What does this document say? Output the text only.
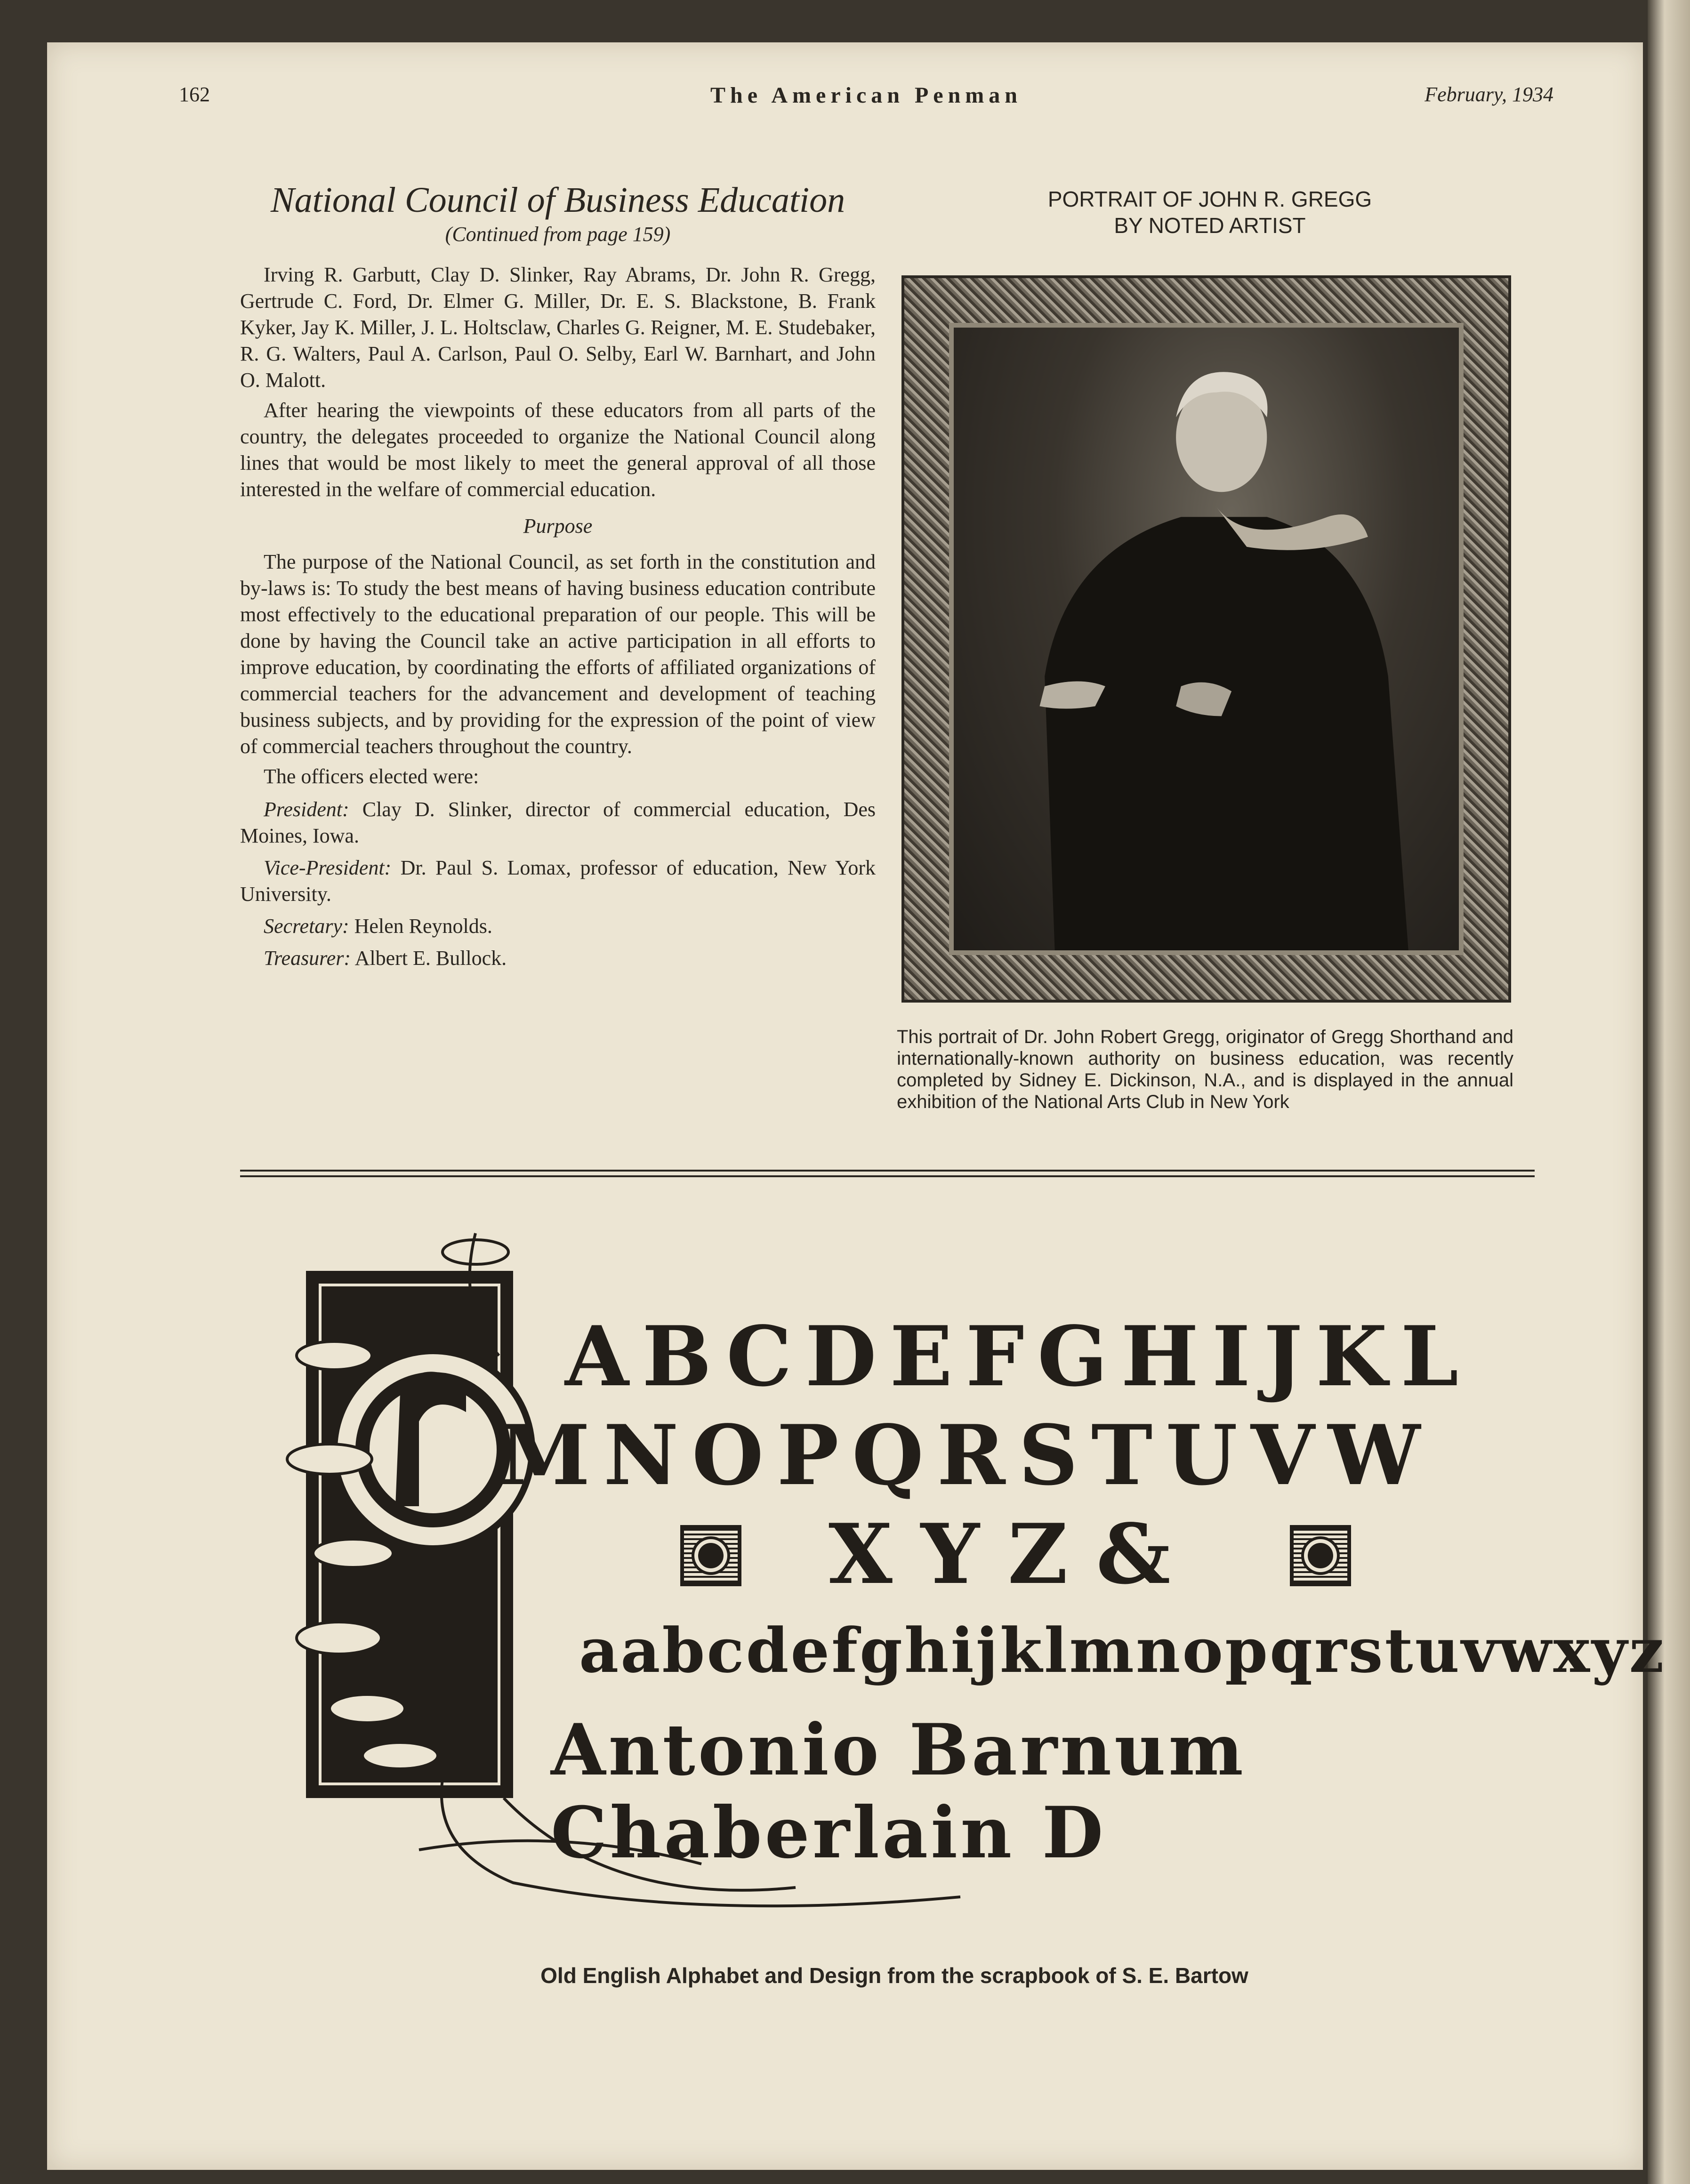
162	The American Penman	February, 1934
National Council of Business Education
(Continued from page 159)

Irving R. Garbutt, Clay D. Slinker, Ray Abrams, Dr. John R. Gregg, Gertrude C. Ford, Dr. Elmer G. Miller, Dr. E. S. Blackstone, B. Frank Kyker, Jay K. Miller, J. L. Holtsclaw, Charles G. Reigner, M. E. Studebaker, R. G. Walters, Paul A. Carlson, Paul O. Selby, Earl W. Barnhart, and John O. Malott.

After hearing the viewpoints of these educators from all parts of the country, the delegates proceeded to organize the National Council along lines that would be most likely to meet the general approval of all those interested in the welfare of commercial education.

Purpose

The purpose of the National Council, as set forth in the constitution and by-laws is: To study the best means of having business education contribute most effectively to the educational preparation of our people. This will be done by having the Council take an active participation in all efforts to improve education, by coordinating the efforts of affiliated organizations of commercial teachers for the advancement and development of teaching business subjects, and by providing for the expression of the point of view of commercial teachers throughout the country.

The officers elected were:

President: Clay D. Slinker, director of commercial education, Des Moines, Iowa.
Vice-President: Dr. Paul S. Lomax, professor of education, New York University.
Secretary: Helen Reynolds.
Treasurer: Albert E. Bullock.
PORTRAIT OF JOHN R. GREGG
BY NOTED ARTIST
This portrait of Dr. John Robert Gregg, originator of Gregg Shorthand and internationally-known authority on business education, was recently completed by Sidney E. Dickinson, N.A., and is displayed in the annual exhibition of the National Arts Club in New York
ABCDEFGHIJKL
MNOPQRSTUVW
XYZ&
aabcdefghijklmnopqrstuvwxyz
Antonio Barnum Chaberlain D
Old English Alphabet and Design from the scrapbook of S. E. Bartow
